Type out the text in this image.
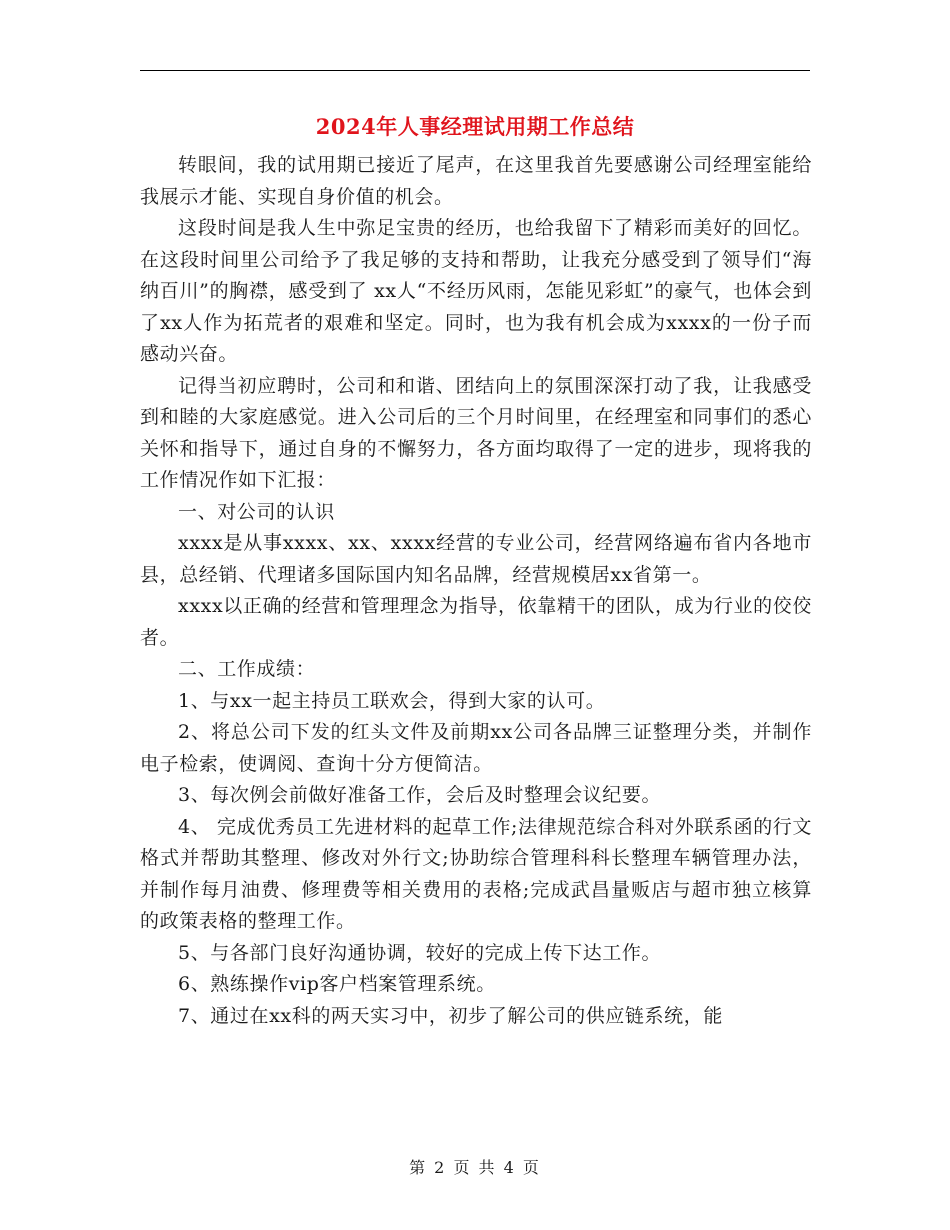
2024年人事经理试用期工作总结

转眼间，我的试用期已接近了尾声，在这里我首先要感谢公司经理室能给我展示才能、实现自身价值的机会。

这段时间是我人生中弥足宝贵的经历，也给我留下了精彩而美好的回忆。在这段时间里公司给予了我足够的支持和帮助，让我充分感受到了领导们“海纳百川”的胸襟，感受到了 xx人“不经历风雨，怎能见彩虹”的豪气，也体会到了xx人作为拓荒者的艰难和坚定。同时，也为我有机会成为xxxx的一份子而感动兴奋。

记得当初应聘时，公司和和谐、团结向上的氛围深深打动了我，让我感受到和睦的大家庭感觉。进入公司后的三个月时间里，在经理室和同事们的悉心关怀和指导下，通过自身的不懈努力，各方面均取得了一定的进步，现将我的工作情况作如下汇报：

一、对公司的认识

xxxx是从事xxxx、xx、xxxx经营的专业公司，经营网络遍布省内各地市县，总经销、代理诸多国际国内知名品牌，经营规模居xx省第一。

xxxx以正确的经营和管理理念为指导，依靠精干的团队，成为行业的佼佼者。

二、工作成绩：

1、与xx一起主持员工联欢会，得到大家的认可。

2、将总公司下发的红头文件及前期xx公司各品牌三证整理分类，并制作电子检索，使调阅、查询十分方便简洁。

3、每次例会前做好准备工作，会后及时整理会议纪要。

4、 完成优秀员工先进材料的起草工作;法律规范综合科对外联系函的行文格式并帮助其整理、修改对外行文;协助综合管理科科长整理车辆管理办法，并制作每月油费、修理费等相关费用的表格;完成武昌量贩店与超市独立核算的政策表格的整理工作。

5、与各部门良好沟通协调，较好的完成上传下达工作。

6、熟练操作vip客户档案管理系统。

7、通过在xx科的两天实习中，初步了解公司的供应链系统，能

第 2 页 共 4 页
